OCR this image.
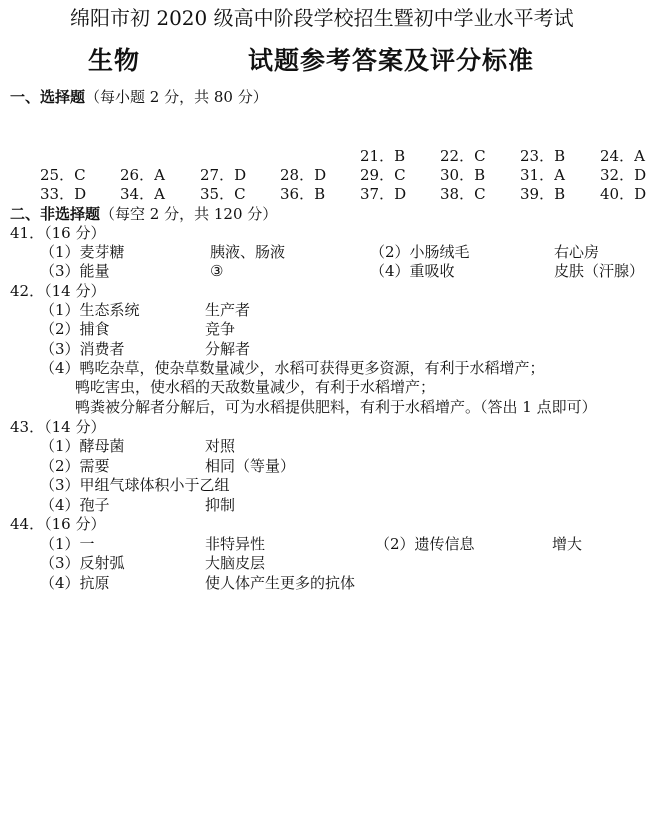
绵阳市初 2020 级高中阶段学校招生暨初中学业水平考试
生物	试题参考答案及评分标准
一、选择题（每小题 2 分，共 80 分）
21．B 22．C 23．B 24．A
25．C 26．A 27．D 28．D 29．C 30．B 31．A 32．D
33．D 34．A 35．C 36．B 37．D 38．C 39．B 40．D
二、非选择题（每空 2 分，共 120 分）
41．（16 分）
（1）麦芽糖	胰液、肠液	（2）小肠绒毛	右心房
（3）能量	③	（4）重吸收	皮肤（汗腺）
42．（14 分）
（1）生态系统	生产者
（2）捕食	竞争
（3）消费者	分解者
（4）鸭吃杂草，使杂草数量减少，水稻可获得更多资源，有利于水稻增产；
鸭吃害虫，使水稻的天敌数量减少，有利于水稻增产；
鸭粪被分解者分解后，可为水稻提供肥料，有利于水稻增产。（答出 1 点即可）
43．（14 分）
（1）酵母菌	对照
（2）需要	相同（等量）
（3）甲组气球体积小于乙组
（4）孢子	抑制
44．（16 分）
（1）一	非特异性	（2）遗传信息	增大
（3）反射弧	大脑皮层
（4）抗原	使人体产生更多的抗体
